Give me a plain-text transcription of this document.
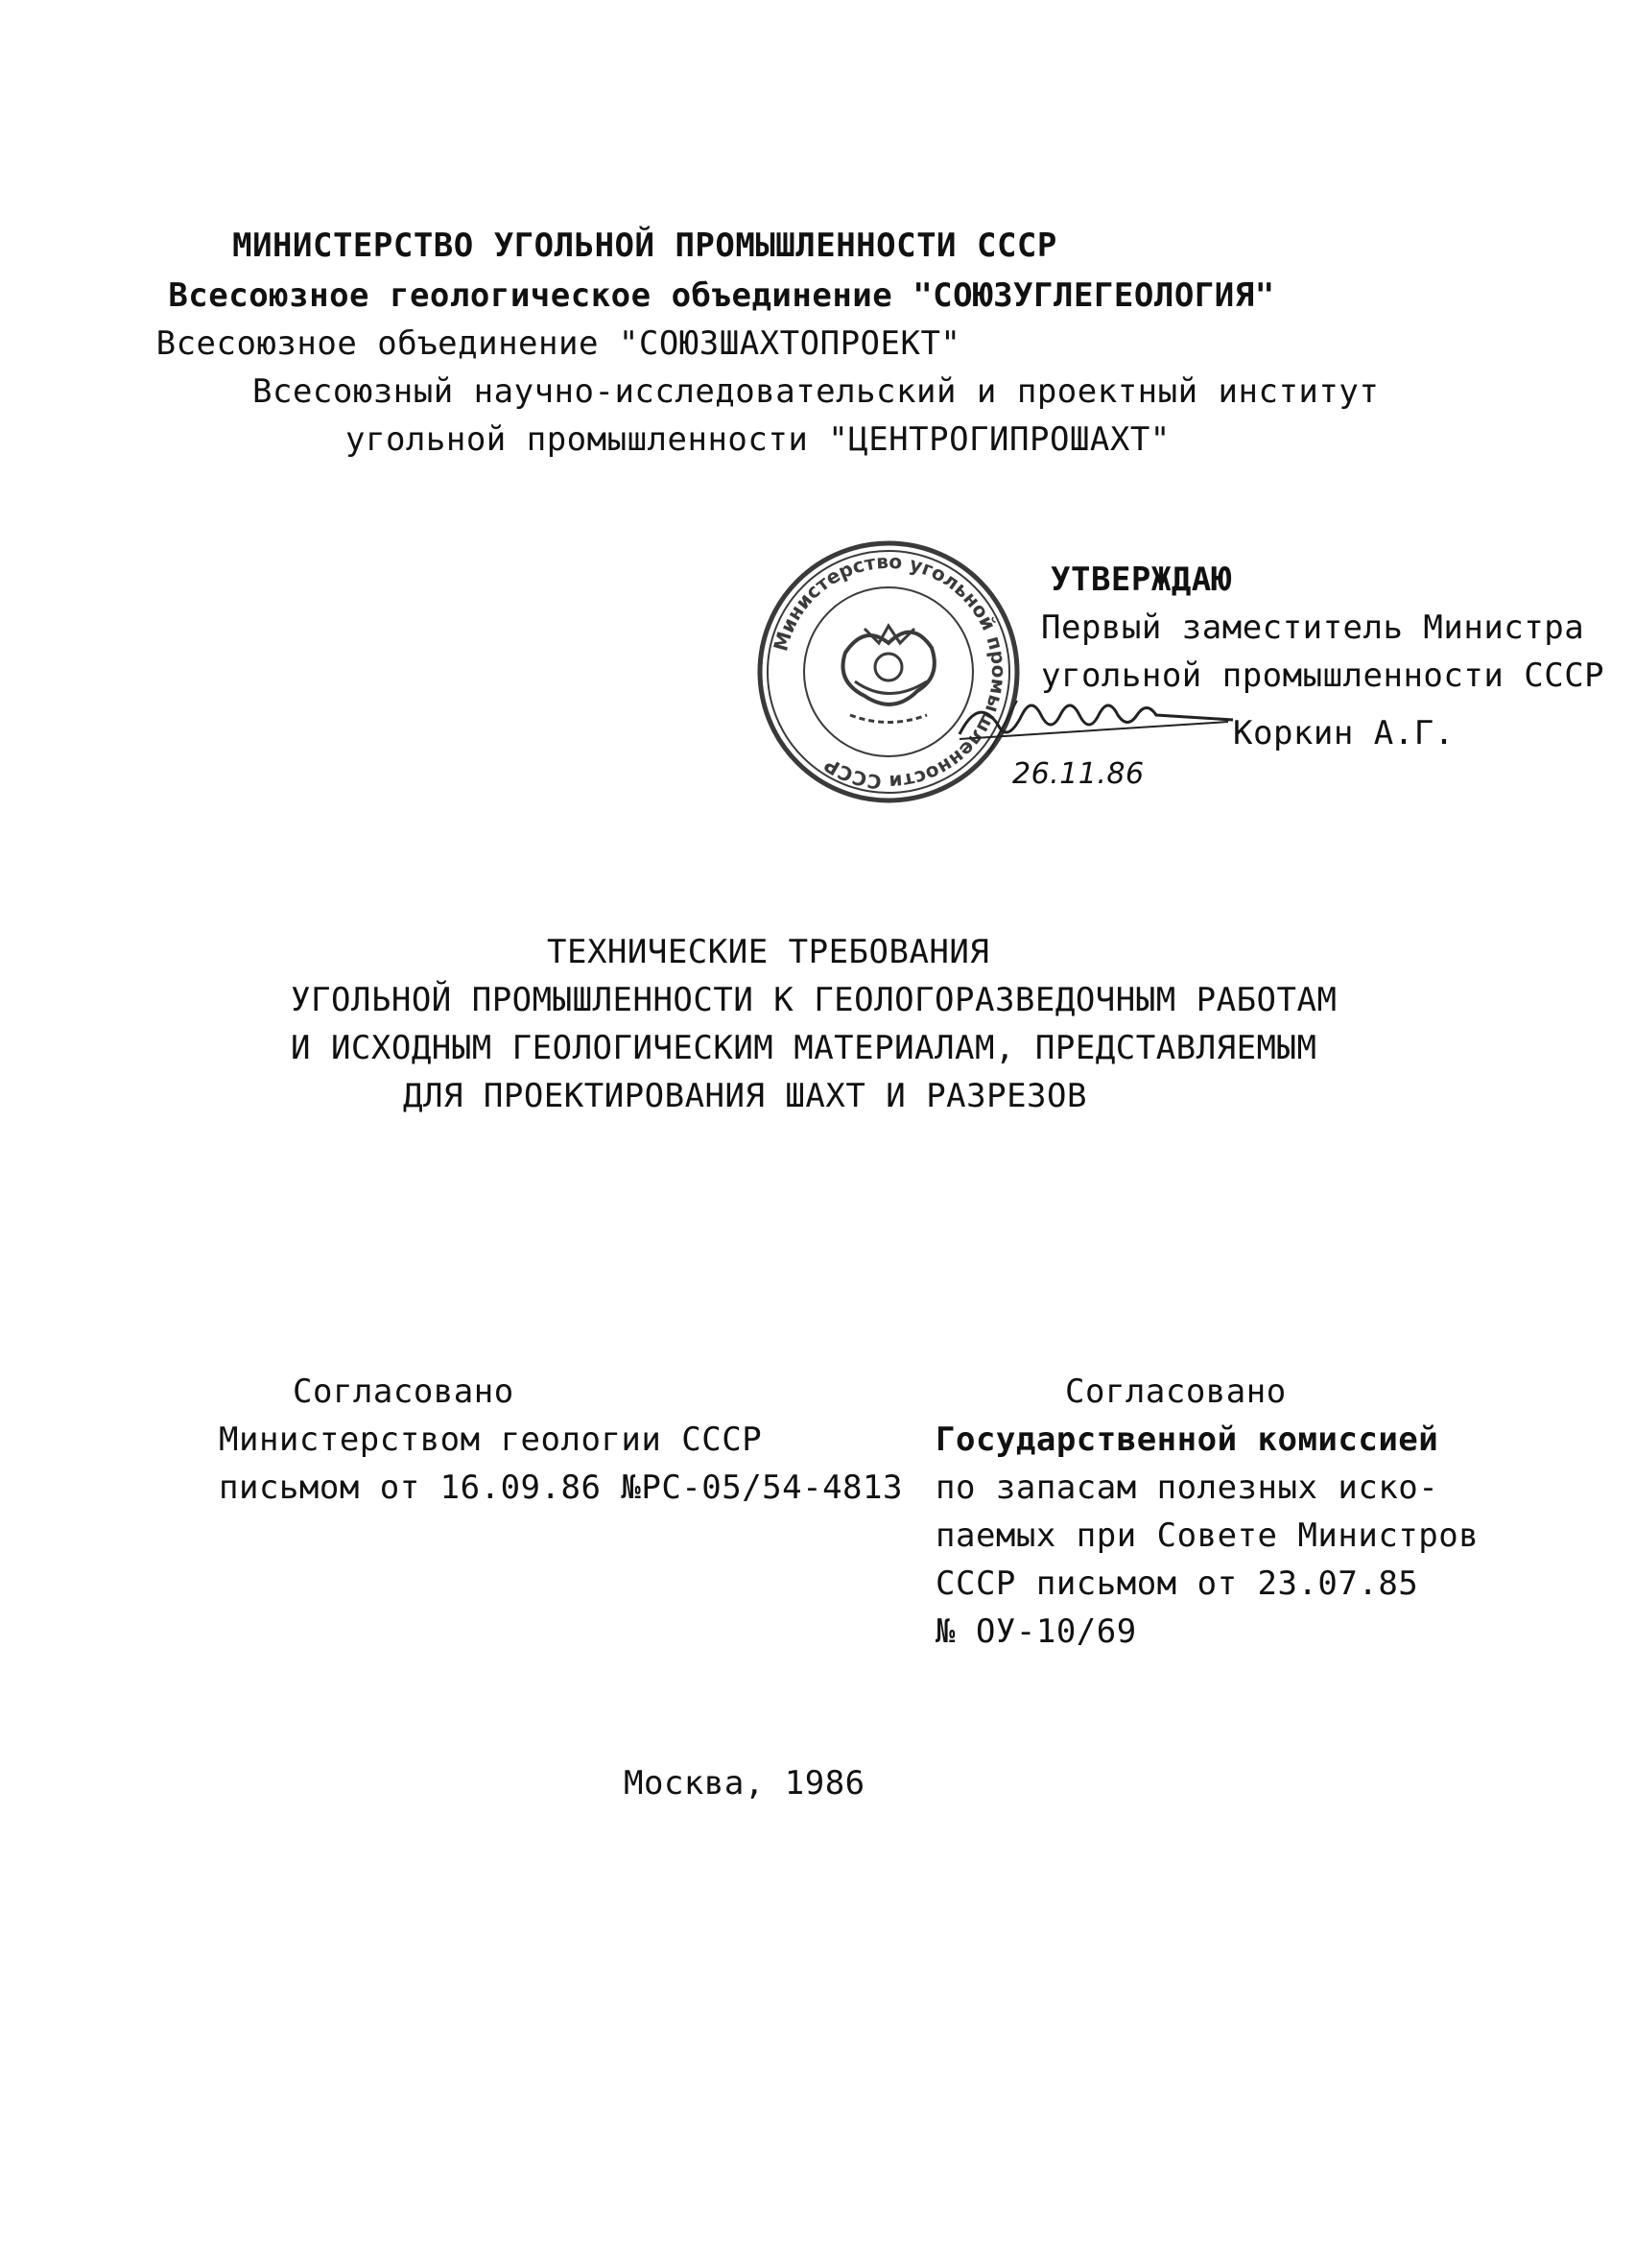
МИНИСТЕРСТВО УГОЛЬНОЙ ПРОМЫШЛЕННОСТИ СССР
Всесоюзное геологическое объединение "СОЮЗУГЛЕГЕОЛОГИЯ"
Всесоюзное объединение "СОЮЗШАХТОПРОЕКТ"
Всесоюзный научно-исследовательский и проектный институт
угольной промышленности "ЦЕНТРОГИПРОШАХТ"
Министерство угольной промышленности СССР
УТВЕРЖДАЮ
Первый заместитель Министра
угольной промышленности СССР
Коркин А.Г.
26.11.86
ТЕХНИЧЕСКИЕ ТРЕБОВАНИЯ
УГОЛЬНОЙ ПРОМЫШЛЕННОСТИ К ГЕОЛОГОРАЗВЕДОЧНЫМ РАБОТАМ
И ИСХОДНЫМ ГЕОЛОГИЧЕСКИМ МАТЕРИАЛАМ, ПРЕДСТАВЛЯЕМЫМ
ДЛЯ ПРОЕКТИРОВАНИЯ ШАХТ И РАЗРЕЗОВ
Согласовано
Министерством геологии СССР
письмом от 16.09.86 №РС-05/54-4813
Согласовано
Государственной комиссией
по запасам полезных иско-
паемых при Совете Министров
СССР письмом от 23.07.85
№ ОУ-10/69
Москва, 1986
